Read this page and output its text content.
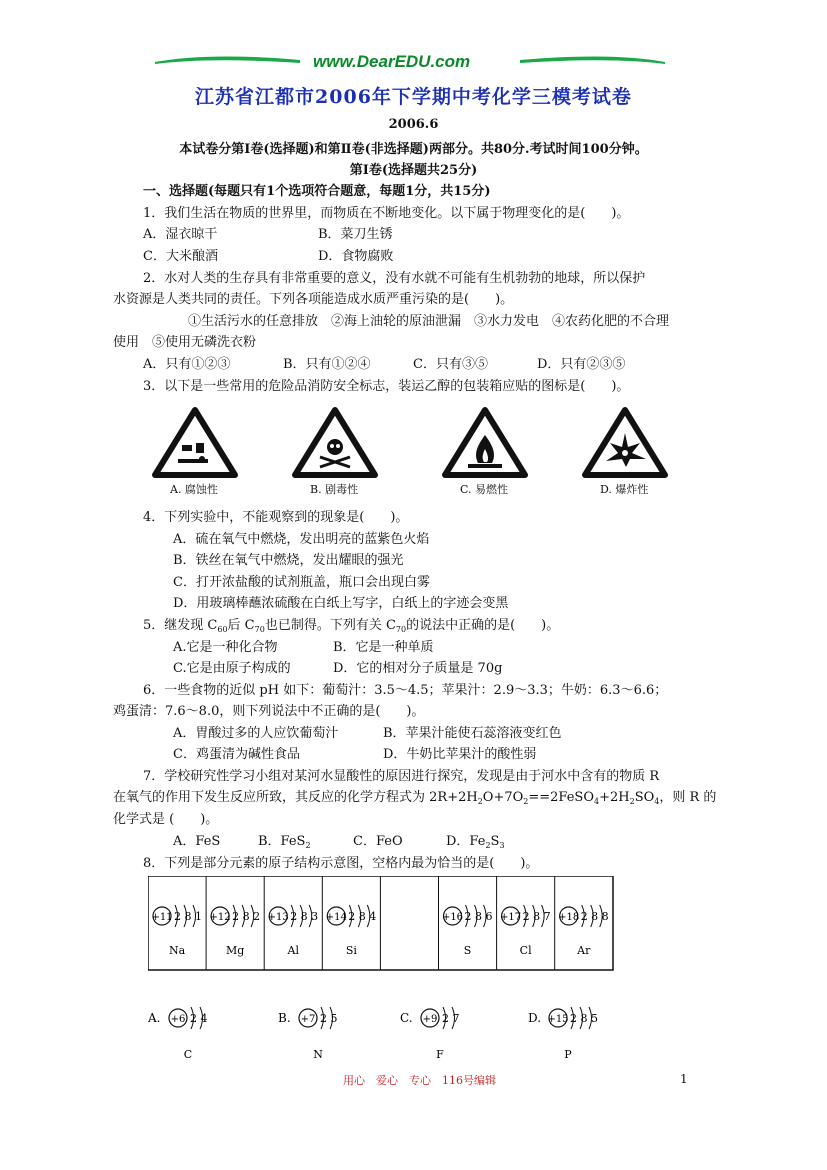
www.DearEDU.com
江苏省江都市2006年下学期中考化学三模考试卷
2006.6
本试卷分第Ⅰ卷(选择题)和第Ⅱ卷(非选择题)两部分。共80分.考试时间100分钟。
第Ⅰ卷(选择题共25分)
一、选择题(每题只有1个选项符合题意，每题1分，共15分)
1．我们生活在物质的世界里，而物质在不断地变化。以下属于物理变化的是(　　)。
A．湿衣晾干	B．菜刀生锈
C．大米酿酒	D．食物腐败
2．水对人类的生存具有非常重要的意义，没有水就不可能有生机勃勃的地球，所以保护
水资源是人类共同的责任。下列各项能造成水质严重污染的是(　　)。
①生活污水的任意排放　②海上油轮的原油泄漏　③水力发电　④农药化肥的不合理
使用　⑤使用无磷洗衣粉
A．只有①②③	B．只有①②④	C．只有③⑤	D．只有②③⑤
3．以下是一些常用的危险品消防安全标志，装运乙醇的包装箱应贴的图标是(　　)。
A. 腐蚀性	B. 剧毒性	C. 易燃性	D. 爆炸性
4．下列实验中，不能观察到的现象是(　　)。
A．硫在氧气中燃烧，发出明亮的蓝紫色火焰
B．铁丝在氧气中燃烧，发出耀眼的强光
C．打开浓盐酸的试剂瓶盖，瓶口会出现白雾
D．用玻璃棒蘸浓硫酸在白纸上写字，白纸上的字迹会变黑
5．继发现 $C_{60}$后 $C_{70}$也已制得。下列有关 $C_{70}$的说法中正确的是(　　)。
A.它是一种化合物	B．它是一种单质
C.它是由原子构成的	D．它的相对分子质量是 70g
6．一些食物的近似 pH 如下：葡萄汁：3.5～4.5；苹果汁：2.9～3.3；牛奶：6.3～6.6；
鸡蛋清：7.6～8.0，则下列说法中不正确的是(　　)。
A．胃酸过多的人应饮葡萄汁	B．苹果汁能使石蕊溶液变红色
C．鸡蛋清为碱性食品	D．牛奶比苹果汁的酸性弱
7．学校研究性学习小组对某河水显酸性的原因进行探究，发现是由于河水中含有的物质 R
在氧气的作用下发生反应所致，其反应的化学方程式为 $2R+2H_2O+7O_2==2FeSO_4+2H_2SO_4$，则 R 的
化学式是 (　　)。
A．FeS	B．FeS$_2$	C．FeO	D．$Fe_2S_3$
8．下列是部分元素的原子结构示意图，空格内最为恰当的是(　　)。
+11 2 8 1
Na
+12 2 8 2
Mg
+13 2 8 3
Al
+14 2 8 4
Si
+16 2 8 6
S
+17 2 8 7
Cl
+18 2 8 8
Ar
A. +6 2 4
C
B. +7 2 5
N
C. +9 2 7
F
D. +15 2 8 5
P
用心　爱心　专心　116号编辑	1
